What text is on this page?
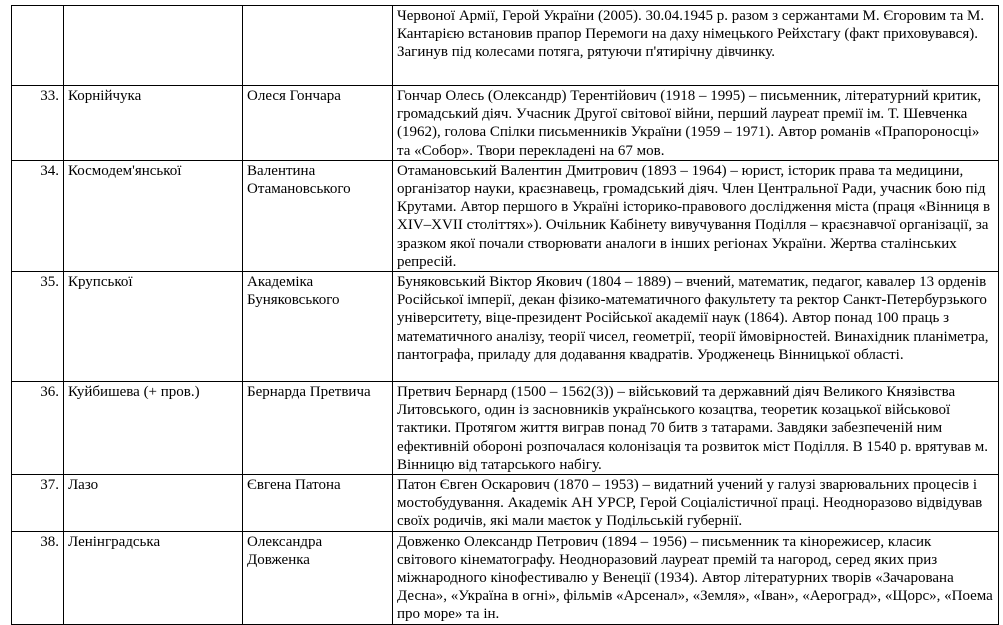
			Червоної Армії, Герой України (2005). 30.04.1945 р. разом з сержантами М. Єгоровим та М. Кантарією встановив прапор Перемоги на даху німецького Рейхстагу (факт приховувався). Загинув під колесами потяга, рятуючи п'ятирічну дівчинку.
33.	Корнійчука	Олеся Гончара	Гончар Олесь (Олександр) Терентійович (1918 – 1995) – письменник, літературний критик, громадський діяч. Учасник Другої світової війни, перший лауреат премії ім. Т. Шевченка (1962), голова Спілки письменників України (1959 – 1971). Автор романів «Прапороносці» та «Собор». Твори перекладені на 67 мов.
34.	Космодем'янської	Валентина Отамановського	Отамановський Валентин Дмитрович (1893 – 1964) – юрист, історик права та медицини, організатор науки, краєзнавець, громадський діяч. Член Центральної Ради, учасник бою під Крутами. Автор першого в Україні історико-правового дослідження міста (праця «Вінниця в XIV–XVII століттях»). Очільник Кабінету вивучування Поділля – краєзнавчої організації, за зразком якої почали створювати аналоги в інших регіонах України. Жертва сталінських репресій.
35.	Крупської	Академіка Буняковського	Буняковський Віктор Якович (1804 – 1889) – вчений, математик, педагог, кавалер 13 орденів Російської імперії, декан фізико-математичного факультету та ректор Санкт-Петербурзького університету, віце-президент Російської академії наук (1864). Автор понад 100 праць з математичного аналізу, теорії чисел, геометрії, теорії ймовірностей. Винахідник планіметра, пантографа, приладу для додавання квадратів. Уродженець Вінницької області.
36.	Куйбишева (+ пров.)	Бернарда Претвича	Претвич Бернард (1500 – 1562(3)) – військовий та державний діяч Великого Князівства Литовського, один із засновників українського козацтва, теоретик козацької військової тактики. Протягом життя виграв понад 70 битв з татарами. Завдяки забезпеченій ним ефективній обороні розпочалася колонізація та розвиток міст Поділля. В 1540 р. врятував м. Вінницю від татарського набігу.
37.	Лазо	Євгена Патона	Патон Євген Оскарович (1870 – 1953) – видатний учений у галузі зварювальних процесів і мостобудування. Академік АН УРСР, Герой Соціалістичної праці. Неодноразово відвідував своїх родичів, які мали маєток у Подільській губернії.
38.	Ленінградська	Олександра Довженка	Довженко Олександр Петрович (1894 – 1956) – письменник та кінорежисер, класик світового кінематографу. Неодноразовий лауреат премій та нагород, серед яких приз міжнародного кінофестивалю у Венеції (1934). Автор літературних творів «Зачарована Десна», «Україна в огні», фільмів «Арсенал», «Земля», «Іван», «Аероград», «Щорс», «Поема про море» та ін.
